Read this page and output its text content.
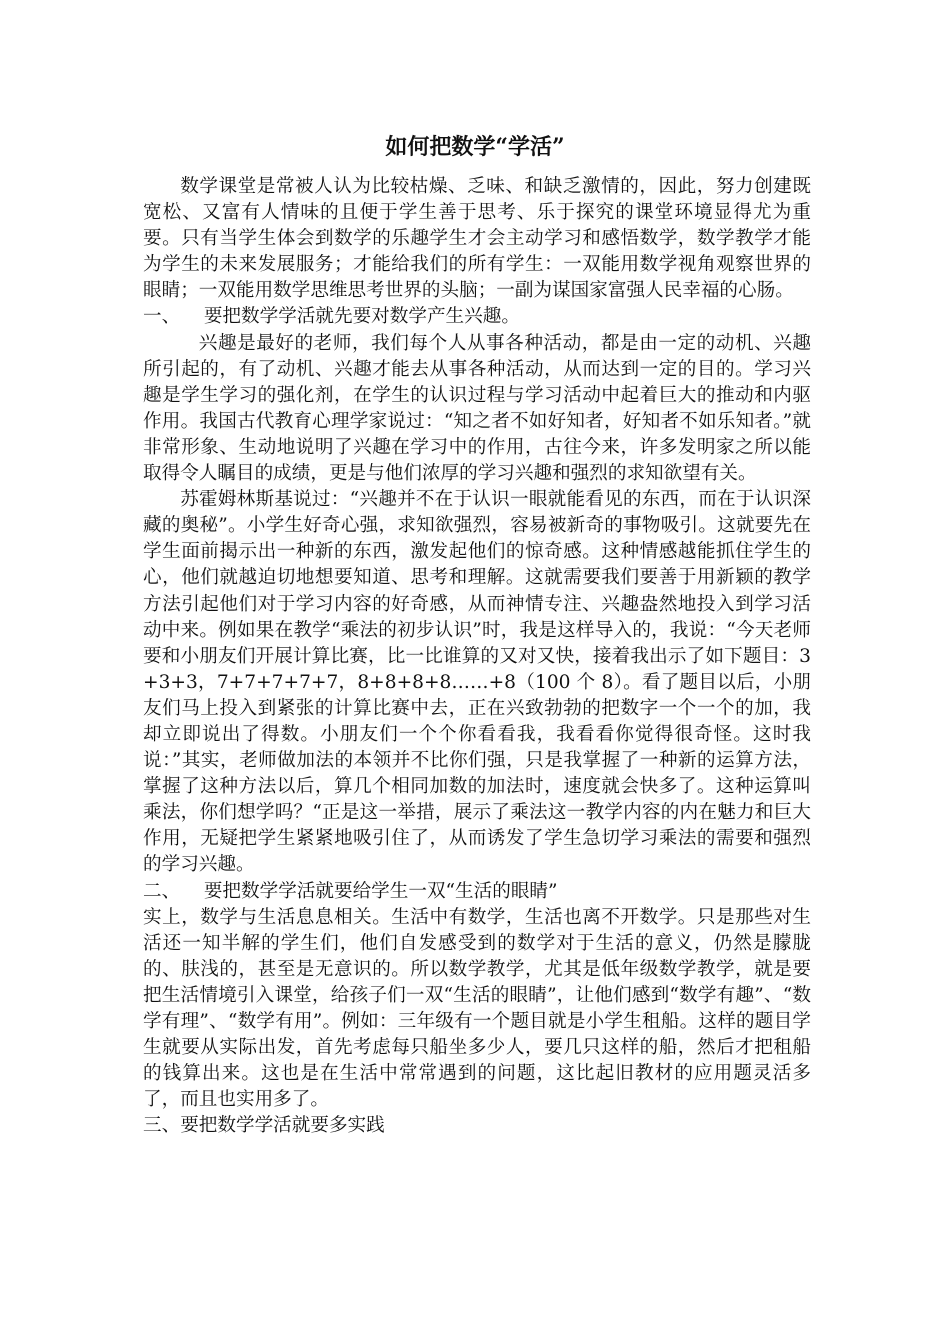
如何把数学“学活”

数学课堂是常被人认为比较枯燥、乏味、和缺乏激情的，因此，努力创建既宽松、又富有人情味的且便于学生善于思考、乐于探究的课堂环境显得尤为重要。只有当学生体会到数学的乐趣学生才会主动学习和感悟数学，数学教学才能为学生的未来发展服务；才能给我们的所有学生：一双能用数学视角观察世界的眼睛；一双能用数学思维思考世界的头脑；一副为谋国家富强人民幸福的心肠。

一、    要把数学学活就先要对数学产生兴趣。

兴趣是最好的老师，我们每个人从事各种活动，都是由一定的动机、兴趣所引起的，有了动机、兴趣才能去从事各种活动，从而达到一定的目的。学习兴趣是学生学习的强化剂，在学生的认识过程与学习活动中起着巨大的推动和内驱作用。我国古代教育心理学家说过：“知之者不如好知者，好知者不如乐知者。”就非常形象、生动地说明了兴趣在学习中的作用，古往今来，许多发明家之所以能取得令人瞩目的成绩，更是与他们浓厚的学习兴趣和强烈的求知欲望有关。

苏霍姆林斯基说过：“兴趣并不在于认识一眼就能看见的东西，而在于认识深藏的奥秘”。小学生好奇心强，求知欲强烈，容易被新奇的事物吸引。这就要先在学生面前揭示出一种新的东西，激发起他们的惊奇感。这种情感越能抓住学生的心，他们就越迫切地想要知道、思考和理解。这就需要我们要善于用新颖的教学方法引起他们对于学习内容的好奇感，从而神情专注、兴趣盎然地投入到学习活动中来。例如果在教学“乘法的初步认识”时，我是这样导入的，我说：“今天老师要和小朋友们开展计算比赛，比一比谁算的又对又快，接着我出示了如下题目：3+3+3，7+7+7+7+7，8+8+8+8……+8（100 个 8）。看了题目以后，小朋友们马上投入到紧张的计算比赛中去，正在兴致勃勃的把数字一个一个的加，我却立即说出了得数。小朋友们一个个你看看我，我看看你觉得很奇怪。这时我说：”其实，老师做加法的本领并不比你们强，只是我掌握了一种新的运算方法，掌握了这种方法以后，算几个相同加数的加法时，速度就会快多了。这种运算叫乘法，你们想学吗？“正是这一举措，展示了乘法这一教学内容的内在魅力和巨大作用，无疑把学生紧紧地吸引住了，从而诱发了学生急切学习乘法的需要和强烈的学习兴趣。

二、    要把数学学活就要给学生一双“生活的眼睛”

实上，数学与生活息息相关。生活中有数学，生活也离不开数学。只是那些对生活还一知半解的学生们，他们自发感受到的数学对于生活的意义，仍然是朦胧的、肤浅的，甚至是无意识的。所以数学教学，尤其是低年级数学教学，就是要把生活情境引入课堂，给孩子们一双“生活的眼睛”，让他们感到“数学有趣”、“数学有理”、“数学有用”。例如：三年级有一个题目就是小学生租船。这样的题目学生就要从实际出发，首先考虑每只船坐多少人，要几只这样的船，然后才把租船的钱算出来。这也是在生活中常常遇到的问题，这比起旧教材的应用题灵活多了，而且也实用多了。

三、要把数学学活就要多实践
